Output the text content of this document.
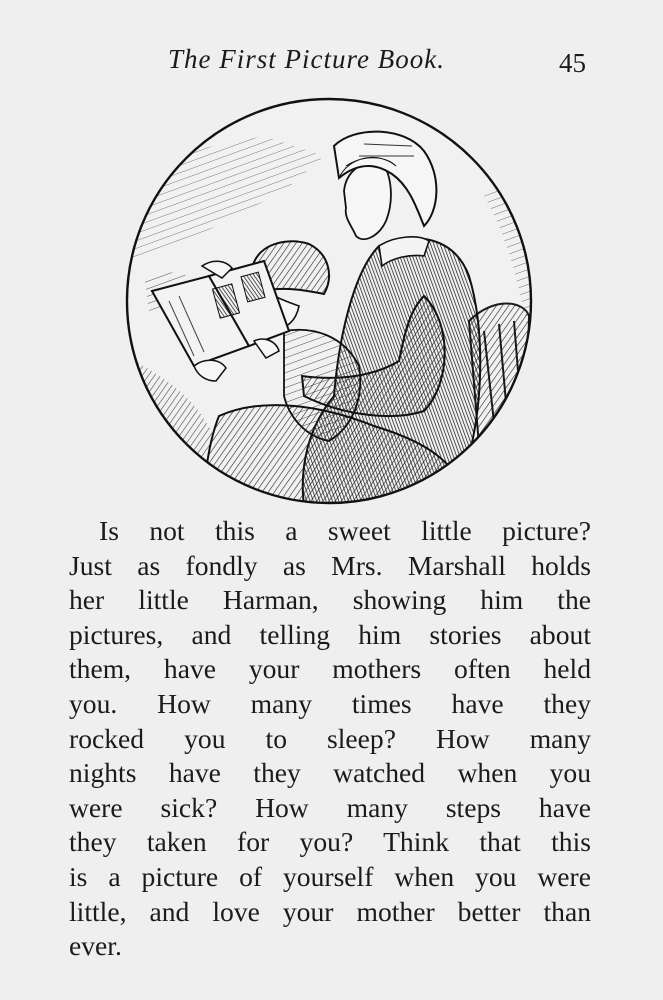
The First Picture Book.	45
Is not this a sweet little picture?
Just as fondly as Mrs. Marshall holds
her little Harman, showing him the
pictures, and telling him stories about
them, have your mothers often held
you. How many times have they
rocked you to sleep? How many
nights have they watched when you
were sick? How many steps have
they taken for you? Think that this
is a picture of yourself when you were
little, and love your mother better than
ever.
